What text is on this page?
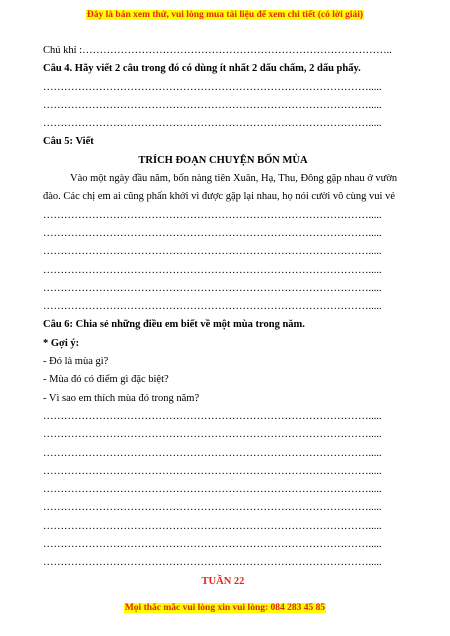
Đây là bản xem thử, vui lòng mua tài liệu để xem chi tiết (có lời giải)
Chú khỉ :……………………………………………………………………………..
Câu 4. Hãy viết 2 câu trong đó có dùng ít nhất 2 dấu chấm, 2 dấu phẩy.
………………………………………………………………………………….....
………………………………………………………………………………….....
………………………………………………………………………………….....
Câu 5: Viết
TRÍCH ĐOẠN CHUYỆN BỐN MÙA
Vào một ngày đầu năm, bốn nàng tiên Xuân, Hạ, Thu, Đông gặp nhau ở vườn
đào. Các chị em ai cũng phấn khởi vì được gặp lại nhau, họ nói cười vô cùng vui vẻ
………………………………………………………………………………….....
………………………………………………………………………………….....
………………………………………………………………………………….....
………………………………………………………………………………….....
………………………………………………………………………………….....
………………………………………………………………………………….....
Câu 6: Chia sẻ những điều em biết về một mùa trong năm.
* Gợi ý:
- Đó là mùa gì?
- Mùa đó có điểm gì đặc biệt?
- Vì sao em thích mùa đó trong năm?
………………………………………………………………………………….....
………………………………………………………………………………….....
………………………………………………………………………………….....
………………………………………………………………………………….....
………………………………………………………………………………….....
………………………………………………………………………………….....
………………………………………………………………………………….....
………………………………………………………………………………….....
………………………………………………………………………………….....
TUẦN 22
Mọi thắc mắc vui lòng xin vui lòng: 084 283 45 85
